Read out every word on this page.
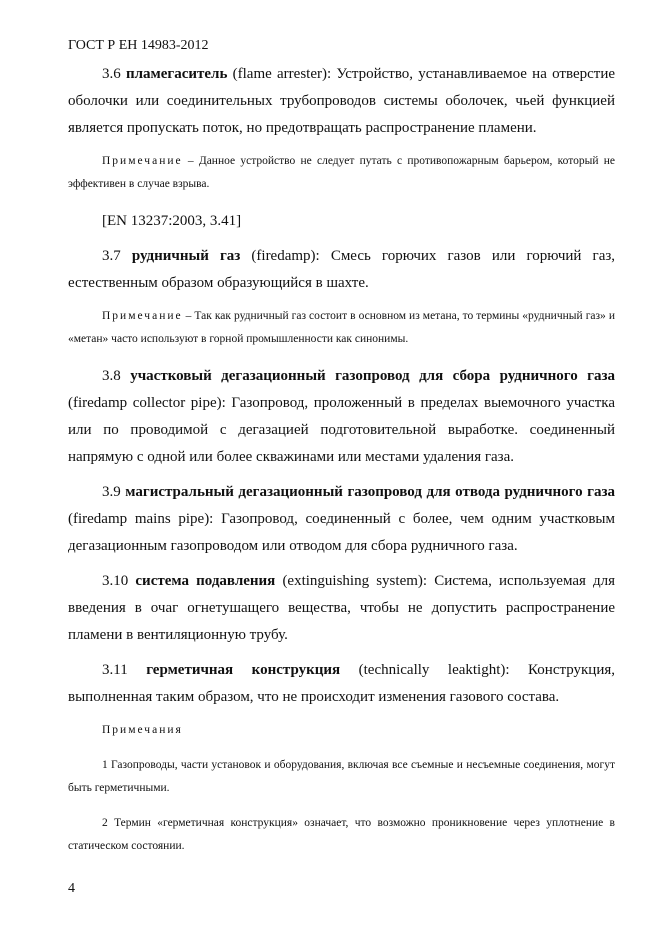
ГОСТ Р ЕН 14983-2012

3.6 пламегаситель (flame arrester): Устройство, устанавливаемое на отверстие оболочки или соединительных трубопроводов системы оболочек, чьей функцией является пропускать поток, но предотвращать распространение пламени.

Примечание – Данное устройство не следует путать с противопожарным барьером, который не эффективен в случае взрыва.

[EN 13237:2003, 3.41]

3.7 рудничный газ (firedamp): Смесь горючих газов или горючий газ, естественным образом образующийся в шахте.

Примечание – Так как рудничный газ состоит в основном из метана, то термины «рудничный газ» и «метан» часто используют в горной промышленности как синонимы.

3.8 участковый дегазационный газопровод для сбора рудничного газа (firedamp collector pipe): Газопровод, проложенный в пределах выемочного участка или по проводимой с дегазацией подготовительной выработке. соединенный напрямую с одной или более скважинами или местами удаления газа.

3.9 магистральный дегазационный газопровод для отвода рудничного газа (firedamp mains pipe): Газопровод, соединенный с более, чем одним участковым дегазационным газопроводом или отводом для сбора рудничного газа.

3.10 система подавления (extinguishing system): Система, используемая для введения в очаг огнетушащего вещества, чтобы не допустить распространение пламени в вентиляционную трубу.

3.11 герметичная конструкция (technically leaktight): Конструкция, выполненная таким образом, что не происходит изменения газового состава.

Примечания

1 Газопроводы, части установок и оборудования, включая все съемные и несъемные соединения, могут быть герметичными.

2 Термин «герметичная конструкция» означает, что возможно проникновение через уплотнение в статическом состоянии.

4
